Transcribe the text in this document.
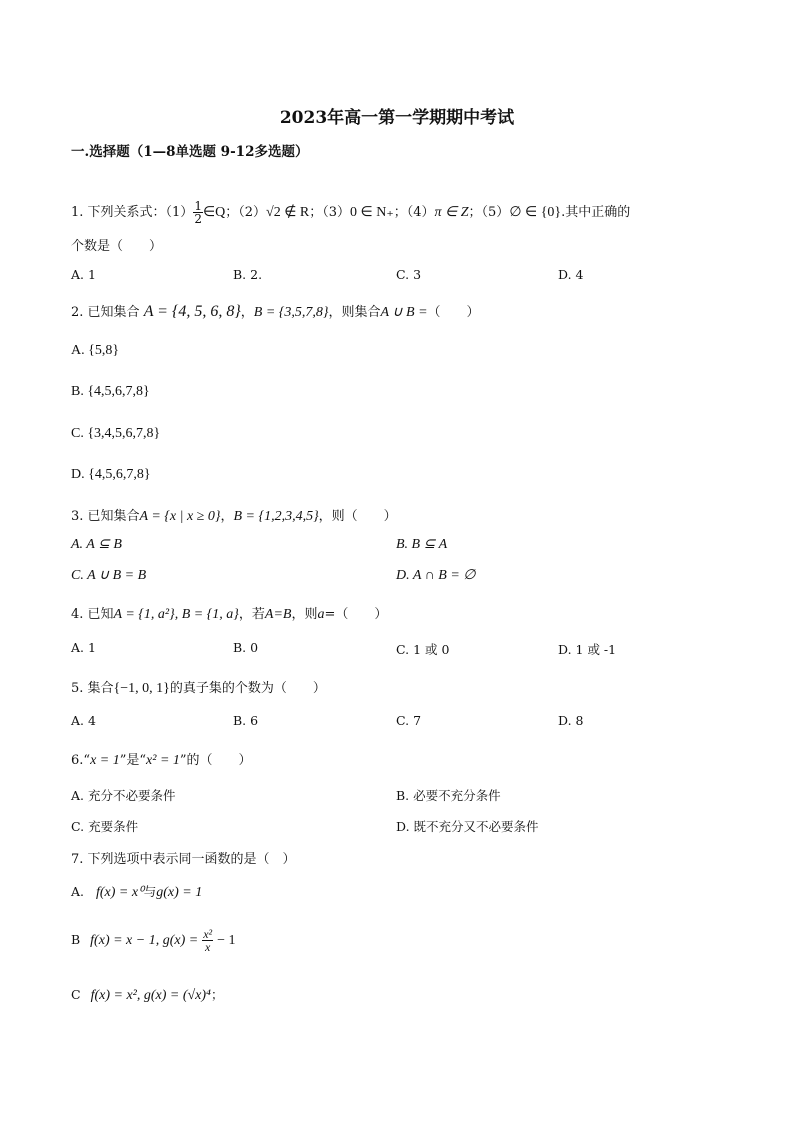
2023年高一第一学期期中考试
一.选择题（1—8单选题 9-12多选题）
1. 下列关系式：$(1) \frac{1}{2}$ ∈Q；（2）√2 ∉ R；（3）0 ∈ N₊；（4）π ∈ Z；（5）∅ ∈ {0}.其中正确的
个数是（　　）
A. 1	B. 2.	C. 3	D. 4
2. 已知集合 A = {4, 5, 6, 8}，B = {3,5,7,8}，则集合A ∪ B =（　　）
A. {5,8}
B. {4,5,6,7,8}
C. {3,4,5,6,7,8}
D. {4,5,6,7,8}
3. 已知集合A = {x | x ≥ 0}，B = {1,2,3,4,5}，则（　　）
A. A ⊆ B	B. B ⊆ A
C. A ∪ B = B	D. A ∩ B = ∅
4. 已知A = {1, a²}, B = {1, a}，若A=B，则a=（　　）
A. 1	B. 0	C. 1 或 0	D. 1 或 -1
5. 集合{−1, 0, 1}的真子集的个数为（　　）
A. 4	B. 6	C. 7	D. 8
6.“x = 1”是“x² = 1”的（　　）
A. 充分不必要条件	B. 必要不充分条件
C. 充要条件	D. 既不充分又不必要条件
7. 下列选项中表示同一函数的是（　）
A. f(x) = x⁰与g(x) = 1
B f(x) = x − 1, $g(x) = \frac{\text{x²}}{x} - 1$
C f(x) = x², g(x) = (√x)⁴；
